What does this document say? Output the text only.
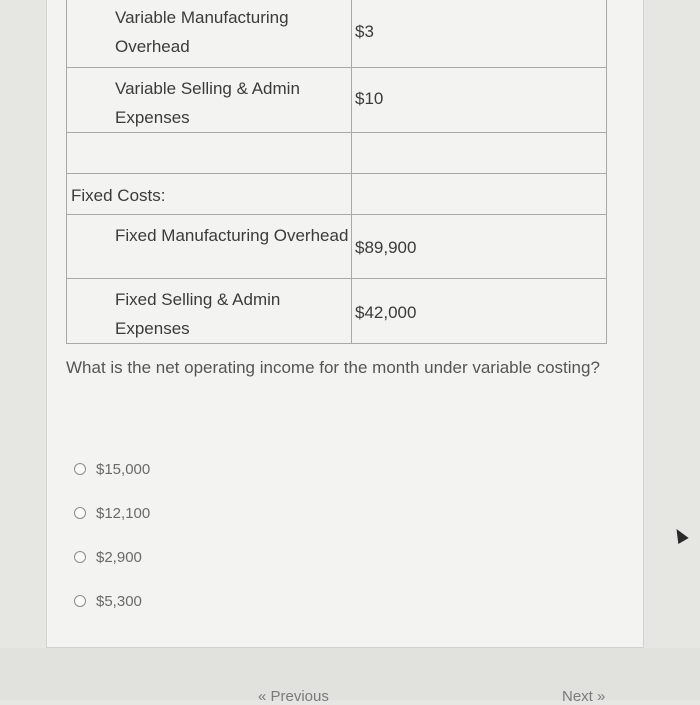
Variable Manufacturing Overhead	$3

Variable Selling & Admin Expenses	$10

Fixed Costs:	

Fixed Manufacturing Overhead	$89,900

Fixed Selling & Admin Expenses	$42,000
What is the net operating income for the month under variable costing?
$15,000
$12,100
$2,900
$5,300
« Previous	Next »
